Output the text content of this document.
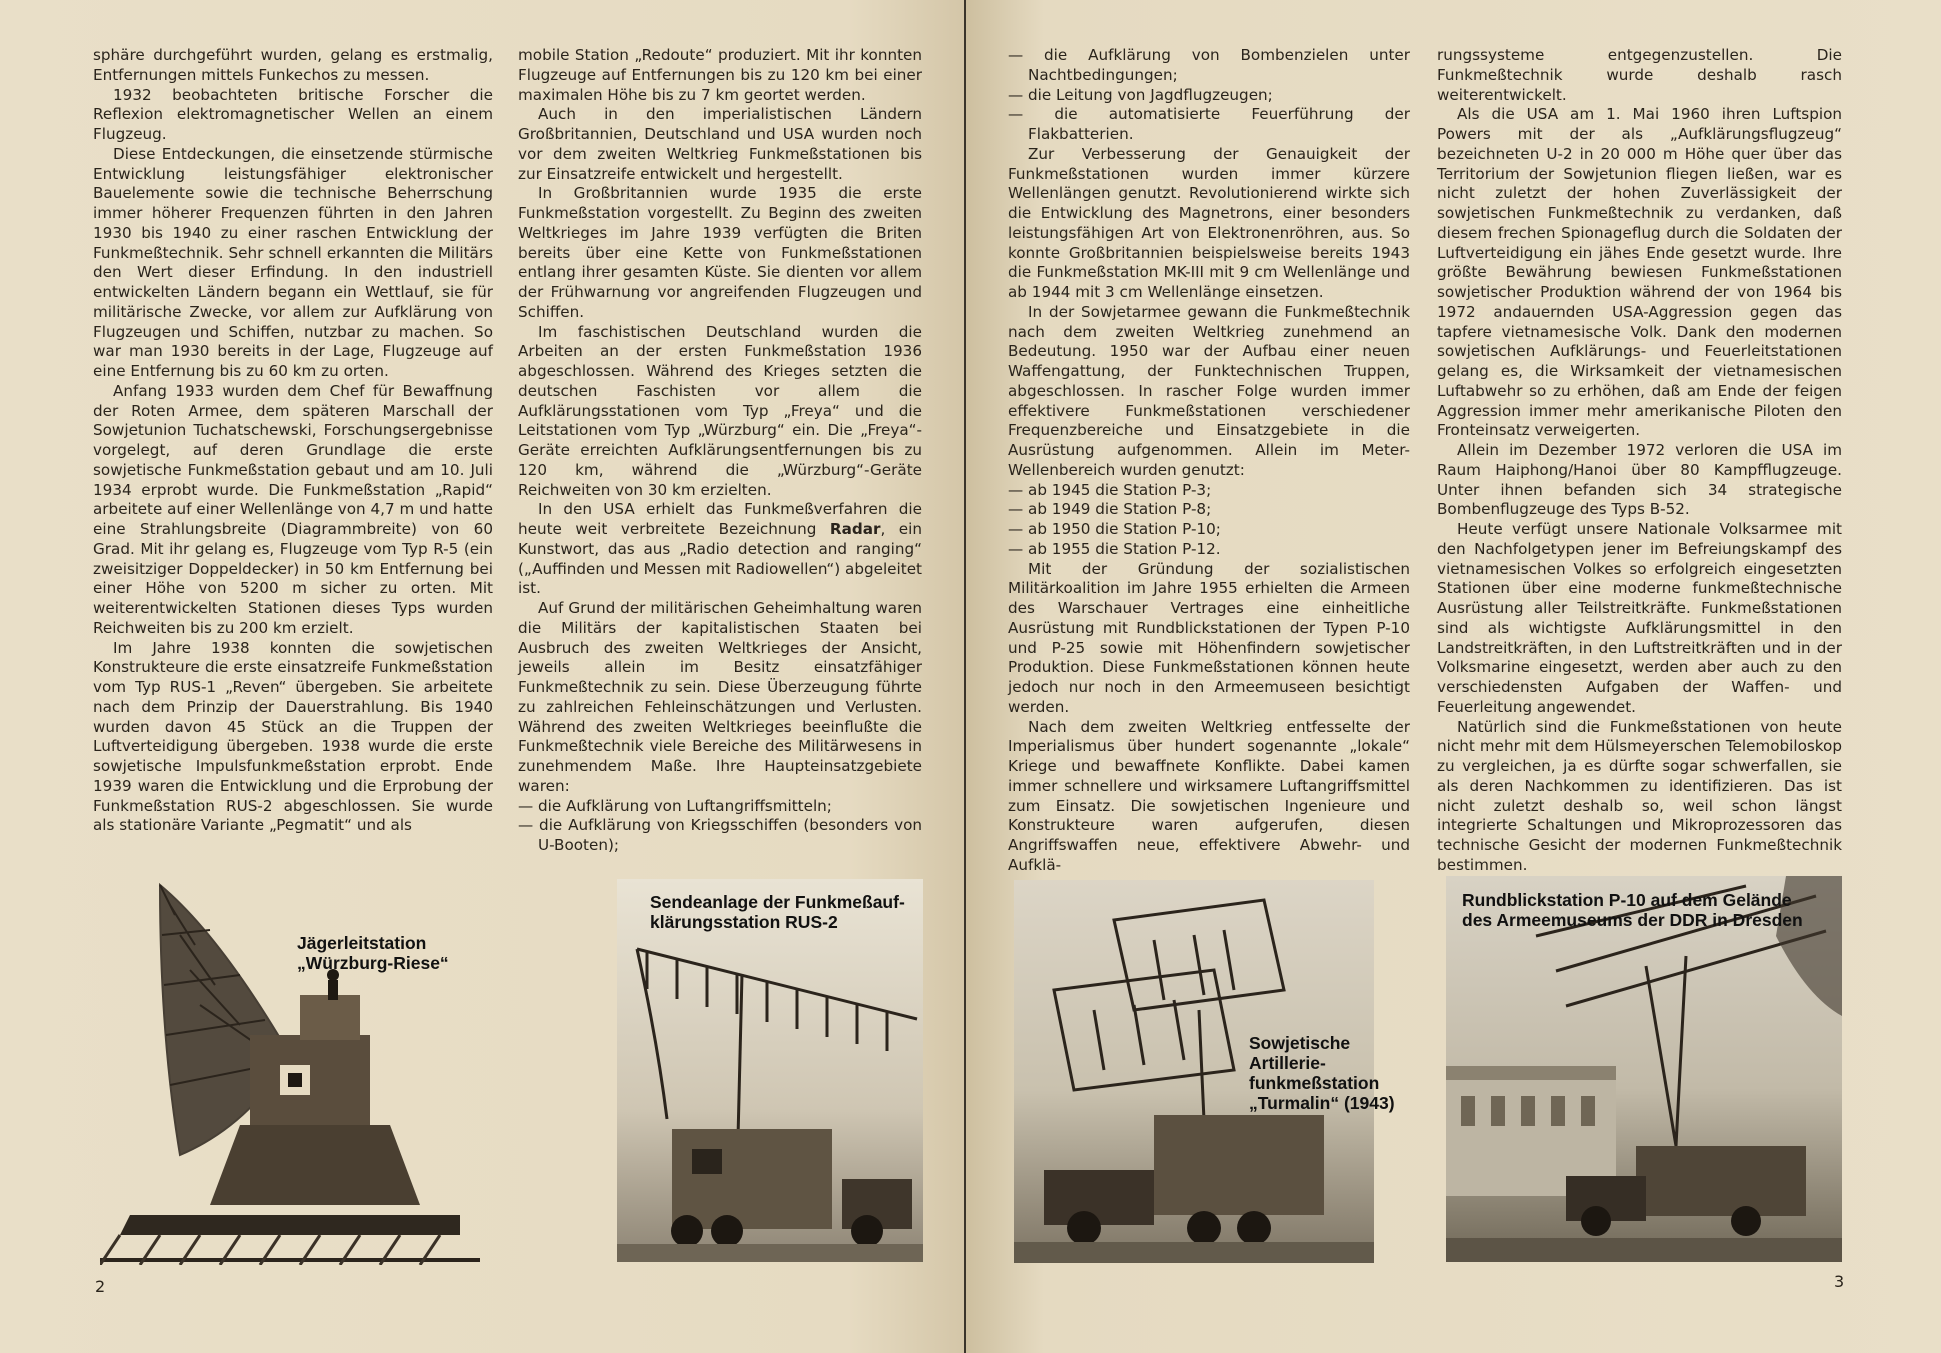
sphäre durchgeführt wurden, gelang es erstmalig, Entfernungen mittels Funkechos zu messen.

1932 beobachteten britische Forscher die Reflexion elektromagnetischer Wellen an einem Flugzeug.

Diese Entdeckungen, die einsetzende stürmische Entwicklung leistungsfähiger elektronischer Bauelemente sowie die technische Beherrschung immer höherer Frequenzen führten in den Jahren 1930 bis 1940 zu einer raschen Entwicklung der Funkmeßtechnik. Sehr schnell erkannten die Militärs den Wert dieser Erfindung. In den industriell entwickelten Ländern begann ein Wettlauf, sie für militärische Zwecke, vor allem zur Aufklärung von Flugzeugen und Schiffen, nutzbar zu machen. So war man 1930 bereits in der Lage, Flugzeuge auf eine Entfernung bis zu 60 km zu orten.

Anfang 1933 wurden dem Chef für Bewaffnung der Roten Armee, dem späteren Marschall der Sowjetunion Tuchatschewski, Forschungsergebnisse vorgelegt, auf deren Grundlage die erste sowjetische Funkmeßstation gebaut und am 10. Juli 1934 erprobt wurde. Die Funkmeßstation „Rapid“ arbeitete auf einer Wellenlänge von 4,7 m und hatte eine Strahlungsbreite (Diagrammbreite) von 60 Grad. Mit ihr gelang es, Flugzeuge vom Typ R-5 (ein zweisitziger Doppeldecker) in 50 km Entfernung bei einer Höhe von 5200 m sicher zu orten. Mit weiterentwickelten Stationen dieses Typs wurden Reichweiten bis zu 200 km erzielt.

Im Jahre 1938 konnten die sowjetischen Konstrukteure die erste einsatzreife Funkmeßstation vom Typ RUS-1 „Reven“ übergeben. Sie arbeitete nach dem Prinzip der Dauerstrahlung. Bis 1940 wurden davon 45 Stück an die Truppen der Luftverteidigung übergeben. 1938 wurde die erste sowjetische Impulsfunkmeßstation erprobt. Ende 1939 waren die Entwicklung und die Erprobung der Funkmeßstation RUS-2 abgeschlossen. Sie wurde als stationäre Variante „Pegmatit“ und als

mobile Station „Redoute“ produziert. Mit ihr konnten Flugzeuge auf Entfernungen bis zu 120 km bei einer maximalen Höhe bis zu 7 km geortet werden.

Auch in den imperialistischen Ländern Großbritannien, Deutschland und USA wurden noch vor dem zweiten Weltkrieg Funkmeßstationen bis zur Einsatzreife entwickelt und hergestellt.

In Großbritannien wurde 1935 die erste Funkmeßstation vorgestellt. Zu Beginn des zweiten Weltkrieges im Jahre 1939 verfügten die Briten bereits über eine Kette von Funkmeßstationen entlang ihrer gesamten Küste. Sie dienten vor allem der Frühwarnung vor angreifenden Flugzeugen und Schiffen.

Im faschistischen Deutschland wurden die Arbeiten an der ersten Funkmeßstation 1936 abgeschlossen. Während des Krieges setzten die deutschen Faschisten vor allem die Aufklärungsstationen vom Typ „Freya“ und die Leitstationen vom Typ „Würzburg“ ein. Die „Freya“-Geräte erreichten Aufklärungsentfernungen bis zu 120 km, während die „Würzburg“-Geräte Reichweiten von 30 km erzielten.

In den USA erhielt das Funkmeßverfahren die heute weit verbreitete Bezeichnung Radar, ein Kunstwort, das aus „Radio detection and ranging“ („Auffinden und Messen mit Radiowellen“) abgeleitet ist.

Auf Grund der militärischen Geheimhaltung waren die Militärs der kapitalistischen Staaten bei Ausbruch des zweiten Weltkrieges der Ansicht, jeweils allein im Besitz einsatzfähiger Funkmeßtechnik zu sein. Diese Überzeugung führte zu zahlreichen Fehleinschätzungen und Verlusten. Während des zweiten Weltkrieges beeinflußte die Funkmeßtechnik viele Bereiche des Militärwesens in zunehmendem Maße. Ihre Haupteinsatzgebiete waren:

— die Aufklärung von Luftangriffsmitteln;

— die Aufklärung von Kriegsschiffen (besonders von U-Booten);

Jägerleitstation
„Würzburg-Riese“
Sendeanlage der Funkmeßauf-
klärungsstation RUS-2
2

— die Aufklärung von Bombenzielen unter Nachtbedingungen;

— die Leitung von Jagdflugzeugen;

— die automatisierte Feuerführung der Flakbatterien.

Zur Verbesserung der Genauigkeit der Funkmeßstationen wurden immer kürzere Wellenlängen genutzt. Revolutionierend wirkte sich die Entwicklung des Magnetrons, einer besonders leistungsfähigen Art von Elektronenröhren, aus. So konnte Großbritannien beispielsweise bereits 1943 die Funkmeßstation MK-III mit 9 cm Wellenlänge und ab 1944 mit 3 cm Wellenlänge einsetzen.

In der Sowjetarmee gewann die Funkmeßtechnik nach dem zweiten Weltkrieg zunehmend an Bedeutung. 1950 war der Aufbau einer neuen Waffengattung, der Funktechnischen Truppen, abgeschlossen. In rascher Folge wurden immer effektivere Funkmeßstationen verschiedener Frequenzbereiche und Einsatzgebiete in die Ausrüstung aufgenommen. Allein im Meter-Wellenbereich wurden genutzt:

— ab 1945 die Station P-3;

— ab 1949 die Station P-8;

— ab 1950 die Station P-10;

— ab 1955 die Station P-12.

Mit der Gründung der sozialistischen Militärkoalition im Jahre 1955 erhielten die Armeen des Warschauer Vertrages eine einheitliche Ausrüstung mit Rundblickstationen der Typen P-10 und P-25 sowie mit Höhenfindern sowjetischer Produktion. Diese Funkmeßstationen können heute jedoch nur noch in den Armeemuseen besichtigt werden.

Nach dem zweiten Weltkrieg entfesselte der Imperialismus über hundert sogenannte „lokale“ Kriege und bewaffnete Konflikte. Dabei kamen immer schnellere und wirksamere Luftangriffsmittel zum Einsatz. Die sowjetischen Ingenieure und Konstrukteure waren aufgerufen, diesen Angriffswaffen neue, effektivere Abwehr- und Aufklä-

rungssysteme entgegenzustellen. Die Funkmeßtechnik wurde deshalb rasch weiterentwickelt.

Als die USA am 1. Mai 1960 ihren Luftspion Powers mit der als „Aufklärungsflugzeug“ bezeichneten U-2 in 20 000 m Höhe quer über das Territorium der Sowjetunion fliegen ließen, war es nicht zuletzt der hohen Zuverlässigkeit der sowjetischen Funkmeßtechnik zu verdanken, daß diesem frechen Spionageflug durch die Soldaten der Luftverteidigung ein jähes Ende gesetzt wurde. Ihre größte Bewährung bewiesen Funkmeßstationen sowjetischer Produktion während der von 1964 bis 1972 andauernden USA-Aggression gegen das tapfere vietnamesische Volk. Dank den modernen sowjetischen Aufklärungs- und Feuerleitstationen gelang es, die Wirksamkeit der vietnamesischen Luftabwehr so zu erhöhen, daß am Ende der feigen Aggression immer mehr amerikanische Piloten den Fronteinsatz verweigerten.

Allein im Dezember 1972 verloren die USA im Raum Haiphong/Hanoi über 80 Kampfflugzeuge. Unter ihnen befanden sich 34 strategische Bombenflugzeuge des Typs B-52.

Heute verfügt unsere Nationale Volksarmee mit den Nachfolgetypen jener im Befreiungskampf des vietnamesischen Volkes so erfolgreich eingesetzten Stationen über eine moderne funkmeßtechnische Ausrüstung aller Teilstreitkräfte. Funkmeßstationen sind als wichtigste Aufklärungsmittel in den Landstreitkräften, in den Luftstreitkräften und in der Volksmarine eingesetzt, werden aber auch zu den verschiedensten Aufgaben der Waffen- und Feuerleitung angewendet.

Natürlich sind die Funkmeßstationen von heute nicht mehr mit dem Hülsmeyerschen Telemobiloskop zu vergleichen, ja es dürfte sogar schwerfallen, sie als deren Nachkommen zu identifizieren. Das ist nicht zuletzt deshalb so, weil schon längst integrierte Schaltungen und Mikroprozessoren das technische Gesicht der modernen Funkmeßtechnik bestimmen.

Sowjetische
Artillerie-
funkmeßstation
„Turmalin“ (1943)
Rundblickstation P-10 auf dem Gelände
des Armeemuseums der DDR in Dresden
3
